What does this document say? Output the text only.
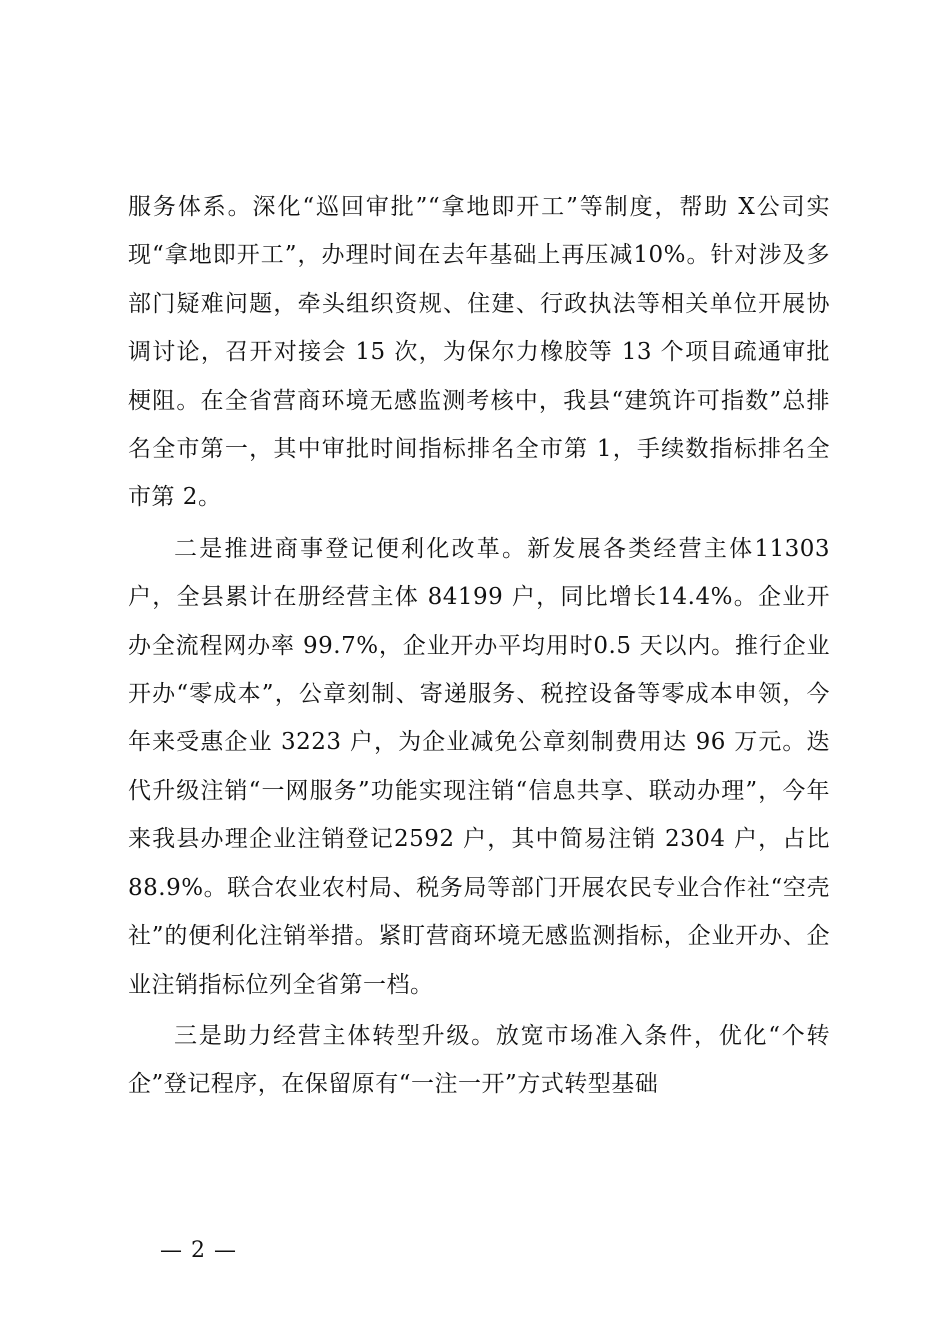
服务体系。深化“巡回审批”“拿地即开工”等制度，帮助 X公司实现“拿地即开工”，办理时间在去年基础上再压减10%。针对涉及多部门疑难问题，牵头组织资规、住建、行政执法等相关单位开展协调讨论，召开对接会 15 次，为保尔力橡胶等 13 个项目疏通审批梗阻。在全省营商环境无感监测考核中，我县“建筑许可指数”总排名全市第一，其中审批时间指标排名全市第 1，手续数指标排名全市第 2。

二是推进商事登记便利化改革。新发展各类经营主体11303 户，全县累计在册经营主体 84199 户，同比增长14.4%。企业开办全流程网办率 99.7%，企业开办平均用时0.5 天以内。推行企业开办“零成本”，公章刻制、寄递服务、税控设备等零成本申领，今年来受惠企业 3223 户，为企业减免公章刻制费用达 96 万元。迭代升级注销“一网服务”功能实现注销“信息共享、联动办理”，今年来我县办理企业注销登记2592 户，其中简易注销 2304 户，占比 88.9%。联合农业农村局、税务局等部门开展农民专业合作社“空壳社”的便利化注销举措。紧盯营商环境无感监测指标，企业开办、企业注销指标位列全省第一档。

三是助力经营主体转型升级。放宽市场准入条件，优化“个转企”登记程序，在保留原有“一注一开”方式转型基础

— 2 —
